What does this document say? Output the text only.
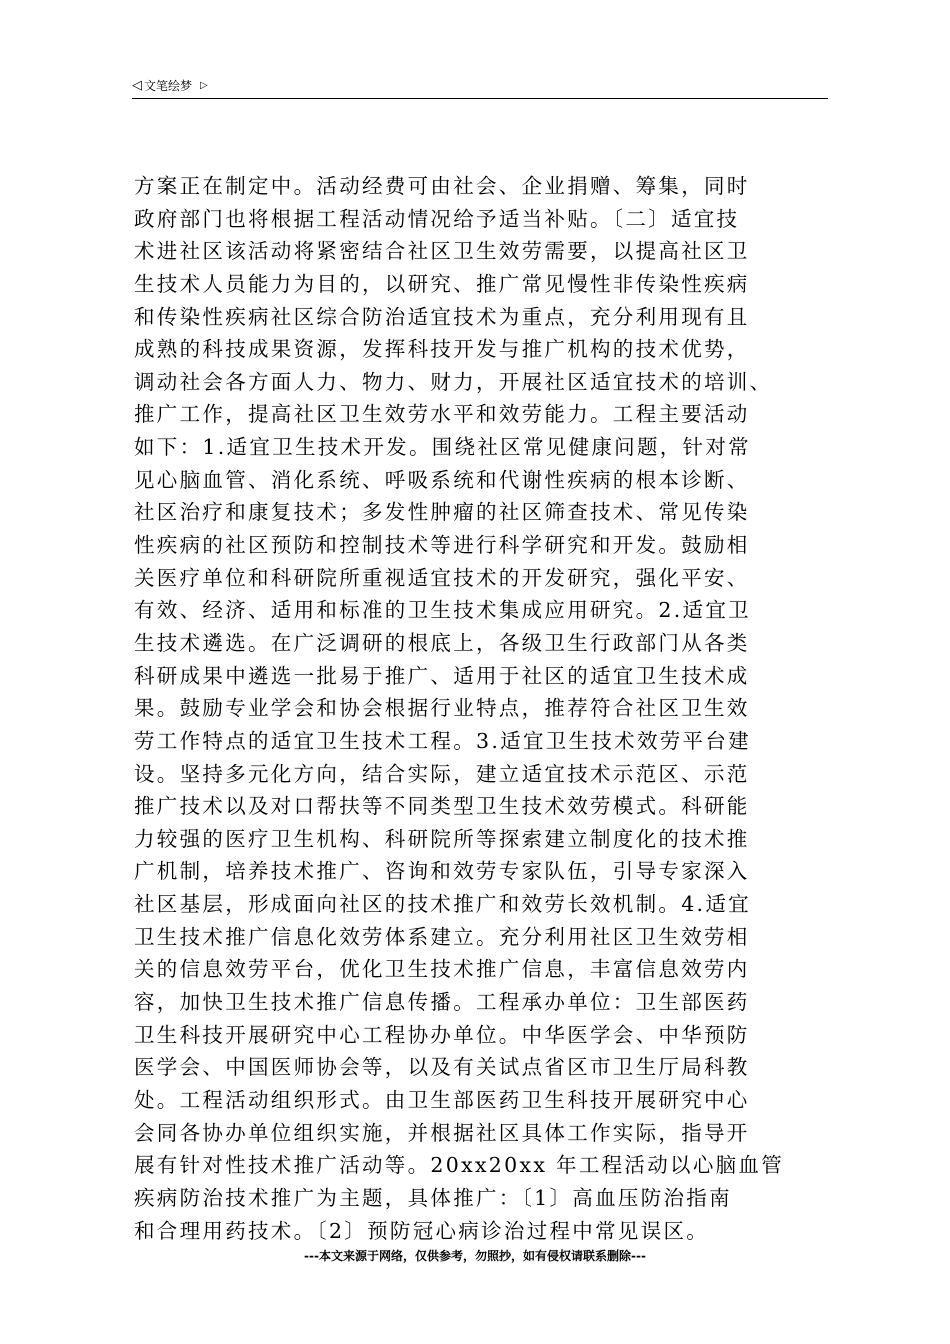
◁ 文笔绘梦 ▷
方案正在制定中。活动经费可由社会、企业捐赠、筹集，同时
政府部门也将根据工程活动情况给予适当补贴。〔二〕适宜技
术进社区该活动将紧密结合社区卫生效劳需要，以提高社区卫
生技术人员能力为目的，以研究、推广常见慢性非传染性疾病
和传染性疾病社区综合防治适宜技术为重点，充分利用现有且
成熟的科技成果资源，发挥科技开发与推广机构的技术优势，
调动社会各方面人力、物力、财力，开展社区适宜技术的培训、
推广工作，提高社区卫生效劳水平和效劳能力。工程主要活动
如下：1.适宜卫生技术开发。围绕社区常见健康问题，针对常
见心脑血管、消化系统、呼吸系统和代谢性疾病的根本诊断、
社区治疗和康复技术；多发性肿瘤的社区筛查技术、常见传染
性疾病的社区预防和控制技术等进行科学研究和开发。鼓励相
关医疗单位和科研院所重视适宜技术的开发研究，强化平安、
有效、经济、适用和标准的卫生技术集成应用研究。2.适宜卫
生技术遴选。在广泛调研的根底上，各级卫生行政部门从各类
科研成果中遴选一批易于推广、适用于社区的适宜卫生技术成
果。鼓励专业学会和协会根据行业特点，推荐符合社区卫生效
劳工作特点的适宜卫生技术工程。3.适宜卫生技术效劳平台建
设。坚持多元化方向，结合实际，建立适宜技术示范区、示范
推广技术以及对口帮扶等不同类型卫生技术效劳模式。科研能
力较强的医疗卫生机构、科研院所等探索建立制度化的技术推
广机制，培养技术推广、咨询和效劳专家队伍，引导专家深入
社区基层，形成面向社区的技术推广和效劳长效机制。4.适宜
卫生技术推广信息化效劳体系建立。充分利用社区卫生效劳相
关的信息效劳平台，优化卫生技术推广信息，丰富信息效劳内
容，加快卫生技术推广信息传播。工程承办单位：卫生部医药
卫生科技开展研究中心工程协办单位。中华医学会、中华预防
医学会、中国医师协会等，以及有关试点省区市卫生厅局科教
处。工程活动组织形式。由卫生部医药卫生科技开展研究中心
会同各协办单位组织实施，并根据社区具体工作实际，指导开
展有针对性技术推广活动等。20xx20xx 年工程活动以心脑血管
疾病防治技术推广为主题，具体推广：〔1〕高血压防治指南
和合理用药技术。〔2〕预防冠心病诊治过程中常见误区。
---本文来源于网络，仅供参考，勿照抄，如有侵权请联系删除---
